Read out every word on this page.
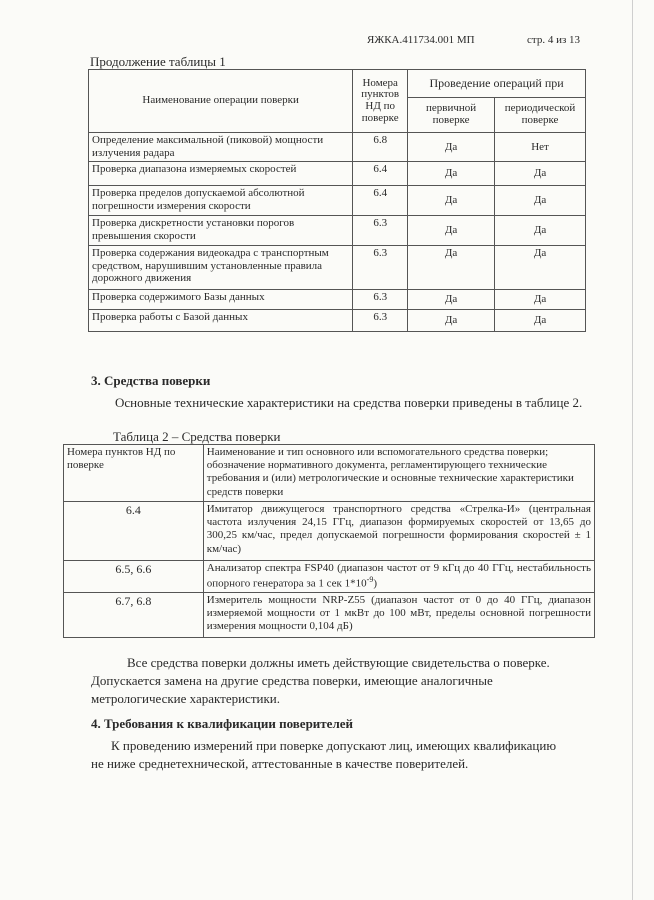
ЯЖКА.411734.001 МП	стр. 4 из 13
Продолжение таблицы 1
Наименование операции поверки	Номера пунктов НД по поверке	Проведение операций при	
		первичной поверке	периодической поверке
Определение максимальной (пиковой) мощности излучения радара	6.8	Да	Нет
Проверка диапазона измеряемых скоростей	6.4	Да	Да
Проверка пределов допускаемой абсолютной погрешности измерения скорости	6.4	Да	Да
Проверка дискретности установки порогов превышения скорости	6.3	Да	Да
Проверка содержания видеокадра с транспортным средством, нарушившим установленные правила дорожного движения	6.3	Да	Да
Проверка содержимого Базы данных	6.3	Да	Да
Проверка работы с Базой данных	6.3	Да	Да
3. Средства поверки
Основные технические характеристики на средства поверки приведены в таблице 2.
Таблица 2 – Средства поверки
Номера пунктов НД по поверке	Наименование и тип основного или вспомогательного средства поверки; обозначение нормативного документа, регламентирующего технические требования и (или) метрологические и основные технические характеристики средств поверки
6.4	Имитатор движущегося транспортного средства «Стрелка-И» (центральная частота излучения 24,15 ГГц, диапазон формируемых скоростей от 13,65 до 300,25 км/час, предел допускаемой погрешности формирования скоростей ± 1 км/час)
6.5, 6.6	Анализатор спектра FSP40 (диапазон частот от 9 кГц до 40 ГГц, нестабильность опорного генератора за 1 сек $1*10^{-9}$)
6.7, 6.8	Измеритель мощности NRP-Z55 (диапазон частот от 0 до 40 ГГц, диапазон измеряемой мощности от 1 мкВт до 100 мВт, пределы основной погрешности измерения мощности 0,104 дБ)
Все средства поверки должны иметь действующие свидетельства о поверке. Допускается замена на другие средства поверки, имеющие аналогичные метрологические характеристики.
4. Требования к квалификации поверителей
К проведению измерений при поверке допускают лиц, имеющих квалификацию не ниже среднетехнической, аттестованные в качестве поверителей.
